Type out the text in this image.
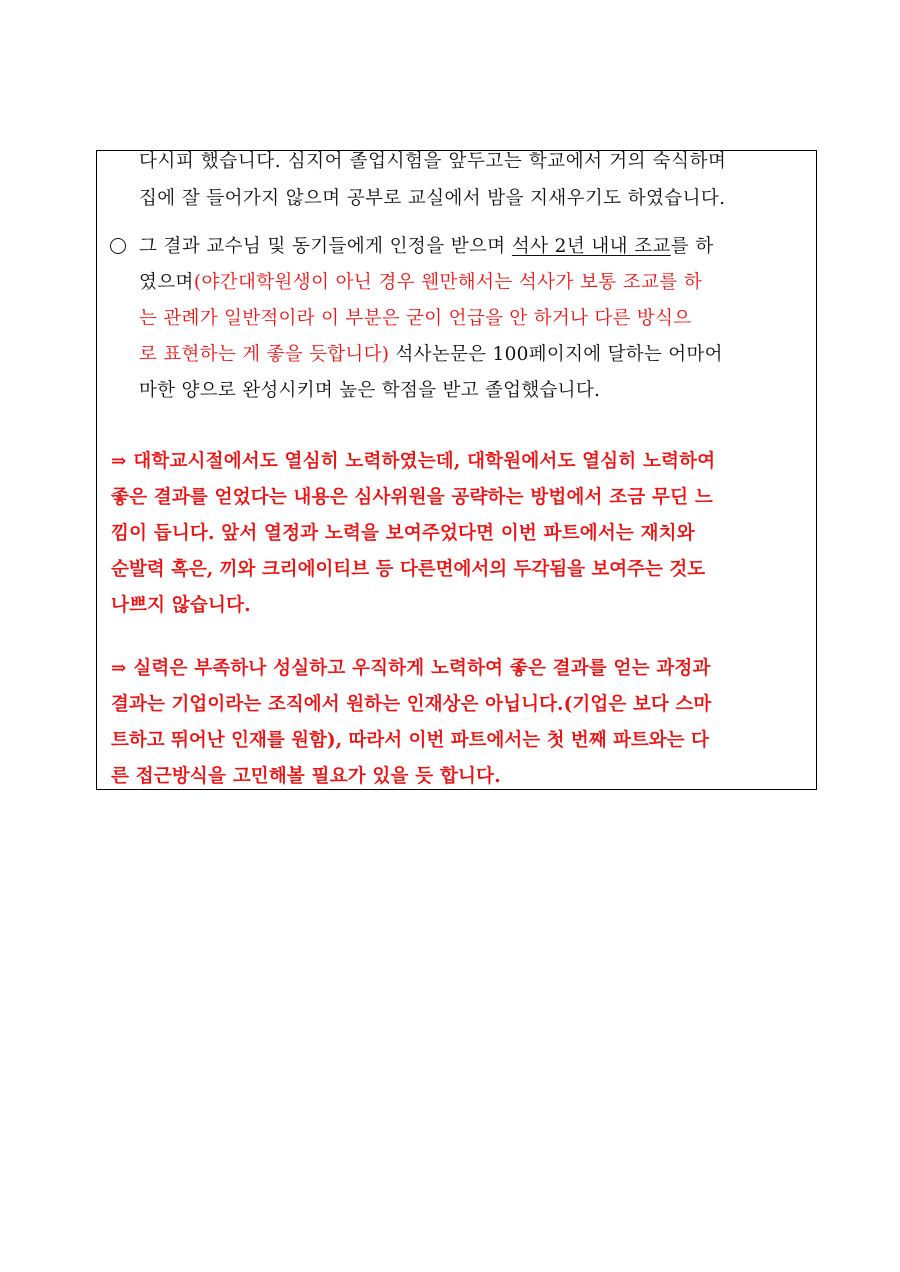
다시피 했습니다. 심지어 졸업시험을 앞두고는 학교에서 거의 숙식하며
집에 잘 들어가지 않으며 공부로 교실에서 밤을 지새우기도 하였습니다.
그 결과 교수님 및 동기들에게 인정을 받으며 석사 2년 내내 조교를 하
였으며(야간대학원생이 아닌 경우 웬만해서는 석사가 보통 조교를 하
는 관례가 일반적이라 이 부분은 굳이 언급을 안 하거나 다른 방식으
로 표현하는 게 좋을 듯합니다) 석사논문은 100페이지에 달하는 어마어
마한 양으로 완성시키며 높은 학점을 받고 졸업했습니다.
⇒ 대학교시절에서도 열심히 노력하였는데, 대학원에서도 열심히 노력하여
좋은 결과를 얻었다는 내용은 심사위원을 공략하는 방법에서 조금 무딘 느
낌이 듭니다. 앞서 열정과 노력을 보여주었다면 이번 파트에서는 재치와
순발력 혹은, 끼와 크리에이티브 등 다른면에서의 두각됨을 보여주는 것도
나쁘지 않습니다.
⇒ 실력은 부족하나 성실하고 우직하게 노력하여 좋은 결과를 얻는 과정과
결과는 기업이라는 조직에서 원하는 인재상은 아닙니다.(기업은 보다 스마
트하고 뛰어난 인재를 원함), 따라서 이번 파트에서는 첫 번째 파트와는 다
른 접근방식을 고민해볼 필요가 있을 듯 합니다.
